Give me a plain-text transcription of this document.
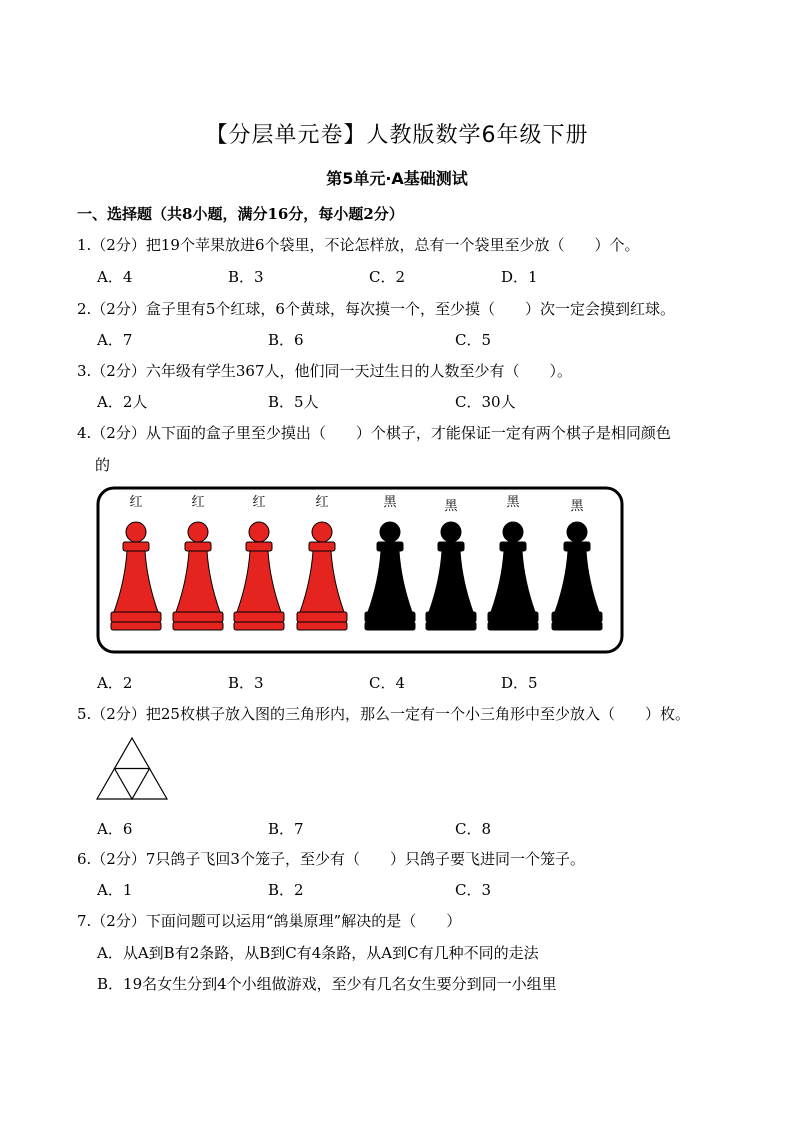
【分层单元卷】人教版数学6年级下册
第5单元·A基础测试
一、选择题（共8小题，满分16分，每小题2分）
1.（2分）把19个苹果放进6个袋里，不论怎样放，总有一个袋里至少放（　　）个。
A．4	B．3	C．2	D．1
2.（2分）盒子里有5个红球，6个黄球，每次摸一个，至少摸（　　）次一定会摸到红球。
A．7	B．6	C．5
3.（2分）六年级有学生367人，他们同一天过生日的人数至少有（　　）。
A．2人	B．5人	C．30人
4.（2分）从下面的盒子里至少摸出（　　）个棋子，才能保证一定有两个棋子是相同颜色
的
红	红	红	红	黑	黑	黑	黑
A．2	B．3	C．4	D．5
5.（2分）把25枚棋子放入图的三角形内，那么一定有一个小三角形中至少放入（　　）枚。
A．6	B．7	C．8
6.（2分）7只鸽子飞回3个笼子，至少有（　　）只鸽子要飞进同一个笼子。
A．1	B．2	C．3
7.（2分）下面问题可以运用“鸽巢原理”解决的是（　　）
A．从A到B有2条路，从B到C有4条路，从A到C有几种不同的走法
B．19名女生分到4个小组做游戏，至少有几名女生要分到同一小组里
